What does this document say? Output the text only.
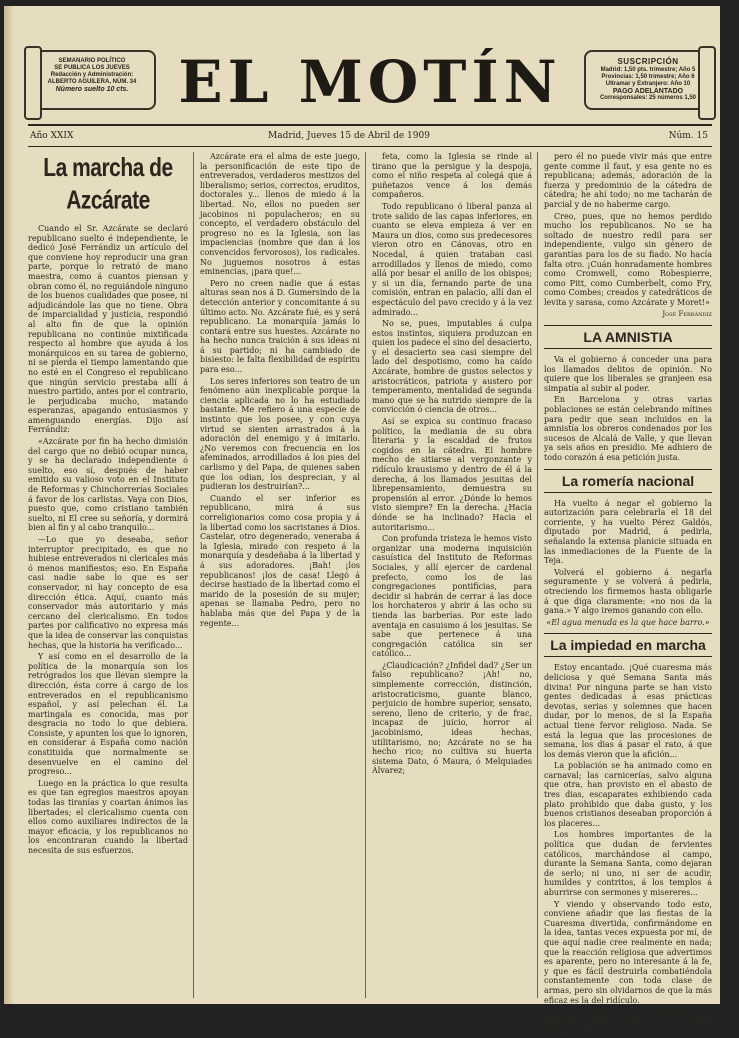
SEMANARIO POLÍTICO
SE PUBLICA LOS JUEVES
Redacción y Administración:
ALBERTO AGUILERA, NÚM. 34
Número suelto 10 cts. EL MOTÍN	SUSCRIPCIÓN
Madrid: 1,50 pts. trimestre; Año 5
Provincias: 1,50 trimestre; Año 6
Ultramar y Extranjero: Año 10
PAGO ADELANTADO
Corresponsales: 25 números 1,50
Año XXIX	Madrid, Jueves 15 de Abril de 1909	Núm. 15
La marcha de Azcárate

Cuando el Sr. Azcárate se declaró republicano suelto é independiente, le dedicó José Ferrándiz un artículo del que conviene hoy reproducir una gran parte, porque lo retrató de mano maestra, como á cuantos piensan y obran como él, no reguiándole ninguno de los buenos cualidades que posee, ni adjudicándole las que no tiene. Obra de imparcialidad y justicia, respondió al alto fin de que la opinión republicana no continúe mixtificada respecto al hombre que ayuda á los monárquicos en su tarea de gobierno, ni se pierda el tiempo lamentando que no esté en el Congreso el republicano que ningún servicio prestaba allí á nuestro partido, antes por el contrario, le perjudicaba mucho, matando esperanzas, apagando entusiasmos y amenguando energías. Dijo así Ferrándiz:

«Azcárate por fin ha hecho dimisión del cargo que no debió ocupar nunca, y se ha declarado independiente ó suelto, eso sí, después de haber emitido su valioso voto en el Instituto de Reformas y Chinchorrerías Sociales á favor de los carlistas. Vaya con Dios, puesto que, como cristiano también suelto, ni El cree su señoría, y dormirá bien al fin y al cabo tranquilo...

—Lo que yo deseaba, señor interruptor precipitado, es que no hubiese entreverados ni clericales más ó menos manifiestos; eso. En España casi nadie sabe lo que es ser conservador, ni hay concepto de esa dirección ética. Aquí, cuanto más conservador más autoritario y más cercano del clericalismo. En todos partes por calificativo no expresa más que la idea de conservar las conquistas hechas, que la historia ha verificado...

Y así como en el desarrollo de la política de la monarquía son los retrógrados los que llevan siempre la dirección, ésta corre á cargo de los entreverados en el republicanismo español, y así pelechan él. La martingala es conocida, mas por desgracia no todo lo que debiera. Consiste, y apunten los que lo ignoren, en considerar á España como nación constituida que normalmente se desenvuelve en el camino del progreso...

Luego en la práctica lo que resulta es que tan egregios maestros apoyan todas las tiranías y coartan ánimos las libertades; el clericalismo cuenta con ellos como auxiliares indirectos de la mayor eficacia, y los republicanos no los encontraran cuando la libertad necesita de sus esfuerzos.

Azcárate era el alma de este juego, la personificación de este tipo de entreverados, verdaderos mestizos del liberalismo; serios, correctos, eruditos, doctorales y... llenos de miedo á la libertad. No, ellos no pueden ser jacobinos ni populacheros; en su concepto, el verdadero obstáculo del progreso no es la Iglesia, son las impaciencias (nombre que dan á los convencidos fervorosos), los radicales. No juguemos nosotros á estas eminencias, ¡para que!...

Pero no creen nadie que á estas alturas sean nos á D. Gumersindo de la detección anterior y concomitante á su último acto. No. Azcárate fué, es y será republicano. La monarquía jamás lo contará entre sus huestes. Azcárate no ha hecho nunca traición á sus ideas ni á su partido; ni ha cambiado de bisiesto: le falta flexibilidad de espíritu para eso...

Los seres inferiores son teatro de un fenómeno aún inexplicable porque la ciencia aplicada no lo ha estudiado bastante. Me refiero á una especie de instinto que los posee, y con cuya virtud se sienten arrastrados á la adoración del enemigo y á imitarlo. ¿No veremos con frecuencia en los afeminados, arrodillados á los pies del carlismo y del Papa, de quienes saben que los odian, los desprecian, y al pudieran los destruirían?...

Cuando el ser inferior es republicano, mira á sus correligionarios como cosa propia y á la libertad como los sacristanes á Dios. Castelar, otro degenerado, veneraba á la Iglesia, mirado con respeto á la monarquía y desdeñaba á la libertad y á sus adoradores. ¡Bah! ¡los republicanos! ¡los de casa! Llegó á decirse hastiado de la libertad como el marido de la posesión de su mujer; apenas se llamaba Pedro, pero no hablaba más que del Papa y de la regente...

feta, como la Iglesia se rinde al tirano que la persigue y la despoja, como el niño respeta al colegá que á puñetazos vence á los demás compañeros.

Todo republicano ó liberal panza al trote salido de las capas inferiores, en cuanto se eleva empieza á ver en Maura un dios, como sus predecesores vieron otro en Cánovas, otro en Nocedal, á quien trataban casi arrodillados y llenos de miedo, como allá por besar el anillo de los obispos; y si un día, fernando parte de una comisión, entran en palacio, allí dan el espectáculo del pavo crecido y á la vez admirado...

No se, pues, imputables á culpa estos instintos, siquiera produzcan en quien los padece el sino del desacierto, y el desacierto sea casi siempre del lado del despotismo, como ha caído Azcárate, hombre de gustos selectos y aristocráticos, patriota y austero por temperamento, mentalidad de segunda mano que se ha nutrido siempre de la convicción ó ciencia de otros...

Así se expica su continuo fracaso político, la mediania de su obra literaria y la escaldad de frutos cogidos en la cátedra. El hombre mecho de sitiarse al vergonzante y ridículo krausismo y dentro de él á la derecha, á los llamados jesuitas del librepensamiento, demuestra su propensión al error. ¿Dónde lo hemos visto siempre? En la derecha. ¿Hacia dónde se ha inclinado? Hacia el autoritarismo...

Con profunda tristeza le hemos visto organizar una moderna inquisición casuística del Instituto de Reformas Sociales, y allí ejercer de cardenal prefecto, como los de las congregaciones pontificias, para decidir si habrán de cerrar á las doce los horchateros y abrir á las ocho su tienda las barberías. Por este lado aventaja en casuismo á los jesuitas. Se sabe que pertenece á una congregación católica sin ser católico...

¿Claudicación? ¿Infidel dad? ¿Ser un falso republicano? ¡Ah! no, simplemente corrección, distinción, aristocraticismo, guante blanco, perjuicio de hombre superior, sensato, sereno, lleno de criterio, y de frac, incapaz de juicio, horror al jacobinismo, ideas hechas, utilitarismo, no; Azcárate no se ha hecho rico; no cultiva su huerta sistema Dato, ó Maura, ó Melquiades Álvarez;

pero él no puede vivir más que entre gente comme il faut, y esa gente no es republicana; además, adoración de la fuerza y predominio de la cátedra de cátedra; he ahí todo; no me tacharán de parcial y de no haberme cargo.

Creo, pues, que no hemos perdido mucho los republicanos. No se ha soltado de nuestro redil para ser independiente, vulgo sin género de garantías para los de su fiado. No hacía falta otro. ¡Cuán honradamente hombres como Cromwell, como Robespierre, como Pitt, como Cumberbelt, como Fry, como Combes; creados y catedráticos de levita y sarasa, como Azcárate y Moret!»

José Ferrándiz
LA AMNISTIA

Va el gobierno á conceder una para los llamados delitos de opinión. No quiere que los liberales se granjeen esa simpatía al subir al poder.

En Barcelona y otras varias poblaciones se están celebrando mítines para pedir que sean incluidos en la amnistía los obreros condenados por los sucesos de Alcalá de Valle, y que llevan ya seis años en presidio. Me adhiero de todo corazón á esa petición justa.

La romería nacional

Ha vuelto á negar el gobierno la autorización para celebrarla el 18 del corriente, y ha vuelto Pérez Galdós, diputado por Madrid, á pedirla, señalando la extensa planicie situada en las inmediaciones de la Fuente de la Teja.

Volverá el gobierno á negarla seguramente y se volverá á pedirla, otreciendo los firmemos hasta obligarle á que diga claramente: «no nos da la gana.» Y algo iremos ganando con ello.

«El agua menuda es la que hace barro.»

La impiedad en marcha

Estoy encantado. ¡Qué cuaresma más deliciosa y qué Semana Santa más divina! Por ninguna parte se han visto gentes dedicadas á esas prácticas devotas, serias y solemnes que hacen dudar, por lo menos, de si la España actual tiene fervor religioso. Nada. Se está la legua que las procesiones de semana, los dias á pasar el rato, á que los demás vieron que la afición...

La población se ha animado como en carnaval; las carnicerías, salvo alguna que otra, han provisto en el abasto de tres dias, escaparates exhibiendo cada plato prohibido que daba gusto, y los buenos cristianos deseaban proporción á los placeres...

Los hombres importantes de la política que dudan de fervientes católicos, marchándose al campo, durante la Semana Santa, como dejaran de serlo; ni uno, ni ser de acudir, humildes y contritos, á los templos á aburrirse con sermones y misereres...

Y viendo y observando todo esto, conviene añadir que las fiestas de la Cuaresma divertida, confirmándome en la idea, tantas veces expuesta por mí, de que aquí nadie cree realmente en nada; que la reacción religiosa que advertimos es aparente, pero no interesante á la fe, y que es fácil destruirla combatiéndola constantemente con toda clase de armas, pero sin olvidarnos de que la más eficaz es la del ridículo.

La carcajada es el explosivo más poderoso para destruir el agitado baluarte clerical
